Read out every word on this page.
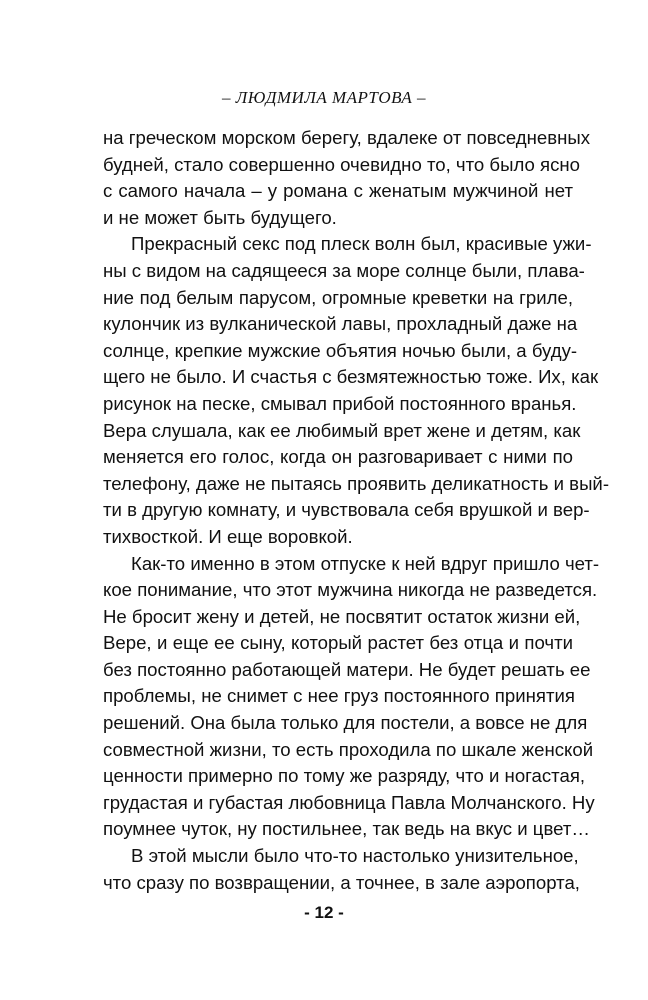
– ЛЮДМИЛА МАРТОВА –
на греческом морском берегу, вдалеке от повседневных
будней, стало совершенно очевидно то, что было ясно
с самого начала – у романа с женатым мужчиной нет
и не может быть будущего.
Прекрасный секс под плеск волн был, красивые ужи-
ны с видом на садящееся за море солнце были, плава-
ние под белым парусом, огромные креветки на гриле,
кулончик из вулканической лавы, прохладный даже на
солнце, крепкие мужские объятия ночью были, а буду-
щего не было. И счастья с безмятежностью тоже. Их, как
рисунок на песке, смывал прибой постоянного вранья.
Вера слушала, как ее любимый врет жене и детям, как
меняется его голос, когда он разговаривает с ними по
телефону, даже не пытаясь проявить деликатность и вый-
ти в другую комнату, и чувствовала себя врушкой и вер-
тихвосткой. И еще воровкой.
Как-то именно в этом отпуске к ней вдруг пришло чет-
кое понимание, что этот мужчина никогда не разведется.
Не бросит жену и детей, не посвятит остаток жизни ей,
Вере, и еще ее сыну, который растет без отца и почти
без постоянно работающей матери. Не будет решать ее
проблемы, не снимет с нее груз постоянного принятия
решений. Она была только для постели, а вовсе не для
совместной жизни, то есть проходила по шкале женской
ценности примерно по тому же разряду, что и ногастая,
грудастая и губастая любовница Павла Молчанского. Ну
поумнее чуток, ну постильнее, так ведь на вкус и цвет…
В этой мысли было что-то настолько унизительное,
что сразу по возвращении, а точнее, в зале аэропорта,
- 12 -
